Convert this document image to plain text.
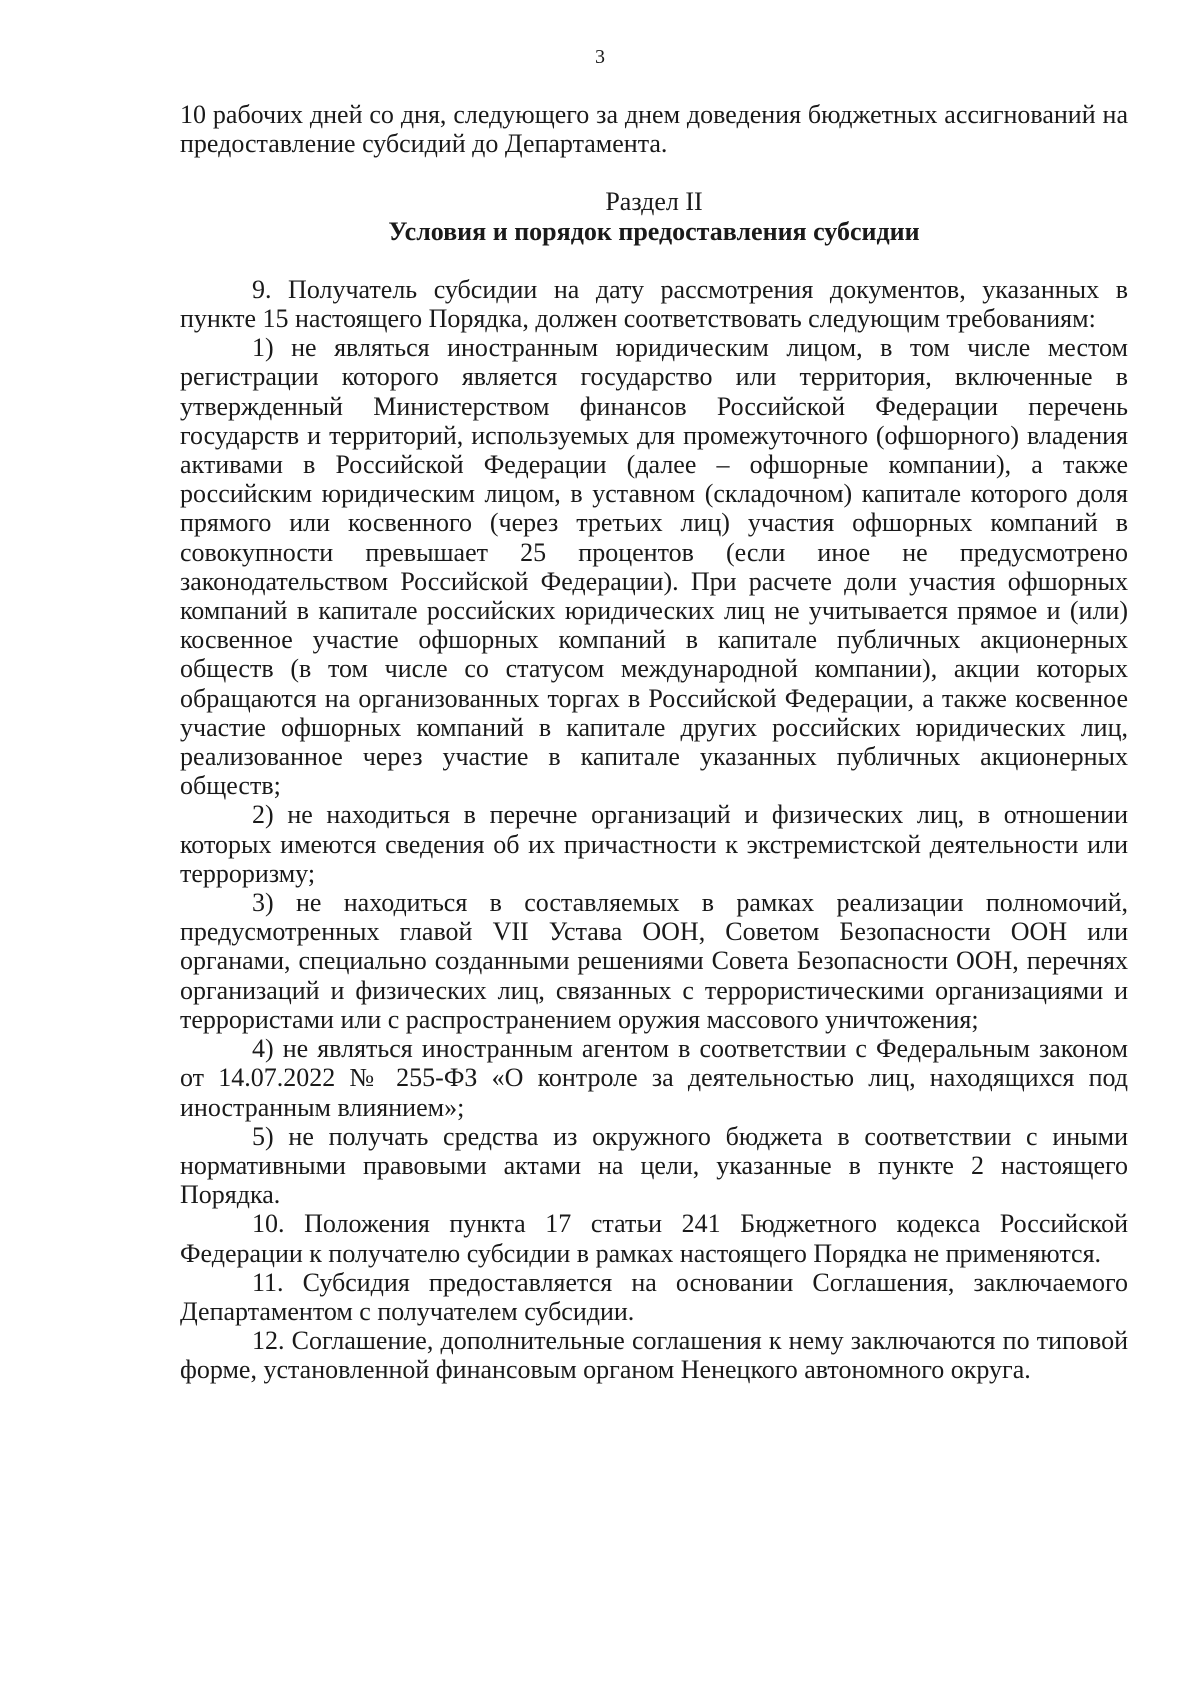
3

10 рабочих дней со дня, следующего за днем доведения бюджетных ассигнований на предоставление субсидий до Департамента.

Раздел II

Условия и порядок предоставления субсидии

9. Получатель субсидии на дату рассмотрения документов, указанных в пункте 15 настоящего Порядка, должен соответствовать следующим требованиям:

1) не являться иностранным юридическим лицом, в том числе местом регистрации которого является государство или территория, включенные в утвержденный Министерством финансов Российской Федерации перечень государств и территорий, используемых для промежуточного (офшорного) владения активами в Российской Федерации (далее – офшорные компании), а также российским юридическим лицом, в уставном (складочном) капитале которого доля прямого или косвенного (через третьих лиц) участия офшорных компаний в совокупности превышает 25 процентов (если иное не предусмотрено законодательством Российской Федерации). При расчете доли участия офшорных компаний в капитале российских юридических лиц не учитывается прямое и (или) косвенное участие офшорных компаний в капитале публичных акционерных обществ (в том числе со статусом международной компании), акции которых обращаются на организованных торгах в Российской Федерации, а также косвенное участие офшорных компаний в капитале других российских юридических лиц, реализованное через участие в капитале указанных публичных акционерных обществ;

2) не находиться в перечне организаций и физических лиц, в отношении которых имеются сведения об их причастности к экстремистской деятельности или терроризму;

3) не находиться в составляемых в рамках реализации полномочий, предусмотренных главой VII Устава ООН, Советом Безопасности ООН или органами, специально созданными решениями Совета Безопасности ООН, перечнях организаций и физических лиц, связанных с террористическими организациями и террористами или с распространением оружия массового уничтожения;

4) не являться иностранным агентом в соответствии с Федеральным законом от 14.07.2022 № 255-ФЗ «О контроле за деятельностью лиц, находящихся под иностранным влиянием»;

5) не получать средства из окружного бюджета в соответствии с иными нормативными правовыми актами на цели, указанные в пункте 2 настоящего Порядка.

10. Положения пункта 17 статьи 241 Бюджетного кодекса Российской Федерации к получателю субсидии в рамках настоящего Порядка не применяются.

11. Субсидия предоставляется на основании Соглашения, заключаемого Департаментом с получателем субсидии.

12. Соглашение, дополнительные соглашения к нему заключаются по типовой форме, установленной финансовым органом Ненецкого автономного округа.
